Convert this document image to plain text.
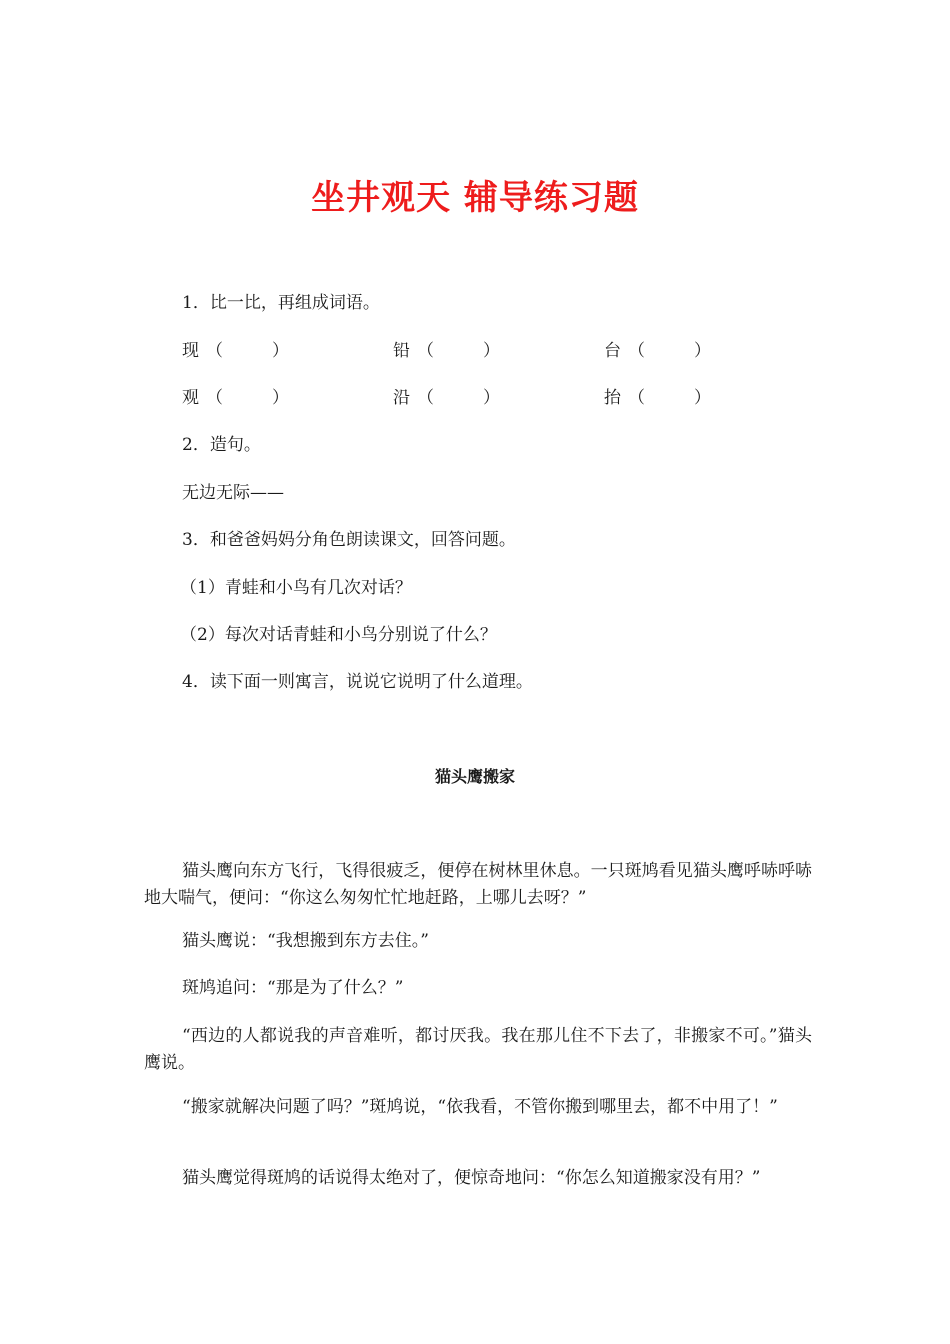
坐井观天 辅导练习题
1．比一比，再组成词语。
现 （	）	铅 （	）	台 （	）
观 （	）	沿 （	）	抬 （	）
2．造句。
无边无际——
3．和爸爸妈妈分角色朗读课文，回答问题。
（1）青蛙和小鸟有几次对话？
（2）每次对话青蛙和小鸟分别说了什么？
4．读下面一则寓言，说说它说明了什么道理。
猫头鹰搬家
猫头鹰向东方飞行，飞得很疲乏，便停在树林里休息。一只斑鸠看见猫头鹰呼哧呼哧地大喘气，便问：“你这么匆匆忙忙地赶路，上哪儿去呀？”
猫头鹰说：“我想搬到东方去住。”
斑鸠追问：“那是为了什么？”
“西边的人都说我的声音难听，都讨厌我。我在那儿住不下去了，非搬家不可。”猫头鹰说。
“搬家就解决问题了吗？”斑鸠说，“依我看，不管你搬到哪里去，都不中用了！”
猫头鹰觉得斑鸠的话说得太绝对了，便惊奇地问：“你怎么知道搬家没有用？”
